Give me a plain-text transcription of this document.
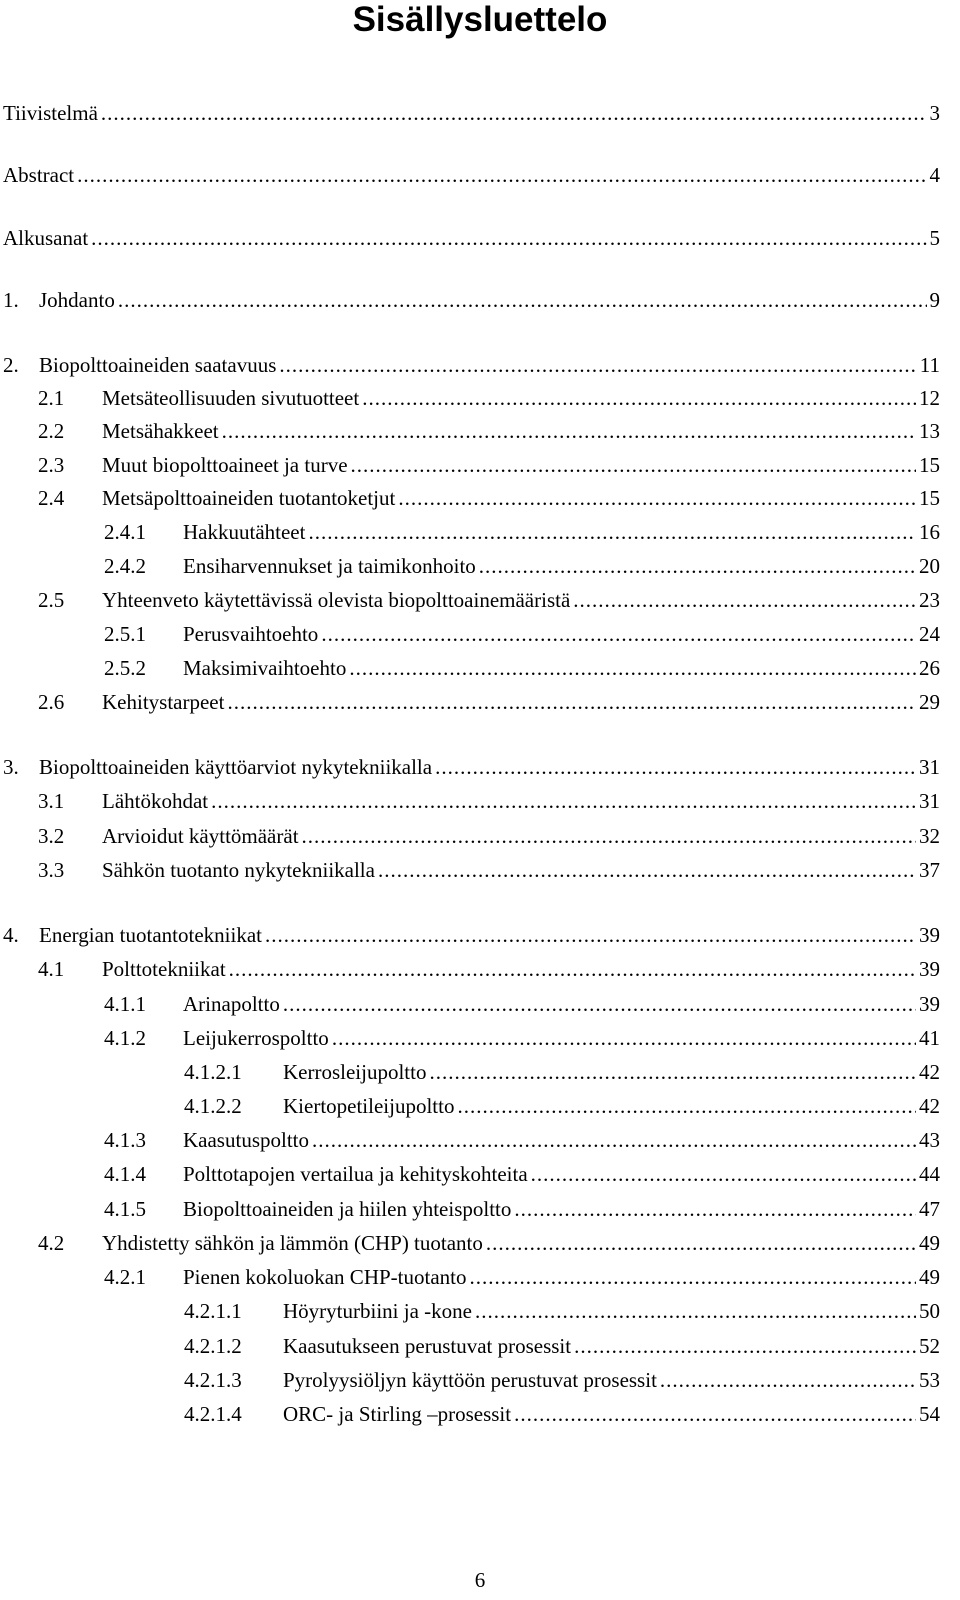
Sisällysluettelo
Tiivistelmä .....	3
Abstract .....	4
Alkusanat .....	5
1. Johdanto .....	9
2. Biopolttoaineiden saatavuus .....	11
2.1	Metsäteollisuuden sivutuotteet .....	12
2.2	Metsähakkeet .....	13
2.3	Muut biopolttoaineet ja turve .....	15
2.4	Metsäpolttoaineiden tuotantoketjut .....	15
2.4.1	Hakkuutähteet .....	16
2.4.2	Ensiharvennukset ja taimikonhoito .....	20
2.5	Yhteenveto käytettävissä olevista biopolttoainemääristä .....	23
2.5.1	Perusvaihtoehto .....	24
2.5.2	Maksimivaihtoehto .....	26
2.6	Kehitystarpeet .....	29
3. Biopolttoaineiden käyttöarviot nykytekniikalla .....	31
3.1	Lähtökohdat .....	31
3.2	Arvioidut käyttömäärät .....	32
3.3	Sähkön tuotanto nykytekniikalla .....	37
4. Energian tuotantotekniikat .....	39
4.1	Polttotekniikat .....	39
4.1.1	Arinapoltto .....	39
4.1.2	Leijukerrospoltto .....	41
4.1.2.1	Kerrosleijupoltto .....	42
4.1.2.2	Kiertopetileijupoltto .....	42
4.1.3	Kaasutuspoltto .....	43
4.1.4	Polttotapojen vertailua ja kehityskohteita .....	44
4.1.5	Biopolttoaineiden ja hiilen yhteispoltto .....	47
4.2	Yhdistetty sähkön ja lämmön (CHP) tuotanto .....	49
4.2.1	Pienen kokoluokan CHP-tuotanto .....	49
4.2.1.1	Höyryturbiini ja -kone .....	50
4.2.1.2	Kaasutukseen perustuvat prosessit .....	52
4.2.1.3	Pyrolyysiöljyn käyttöön perustuvat prosessit .....	53
4.2.1.4	ORC- ja Stirling –prosessit .....	54
6
